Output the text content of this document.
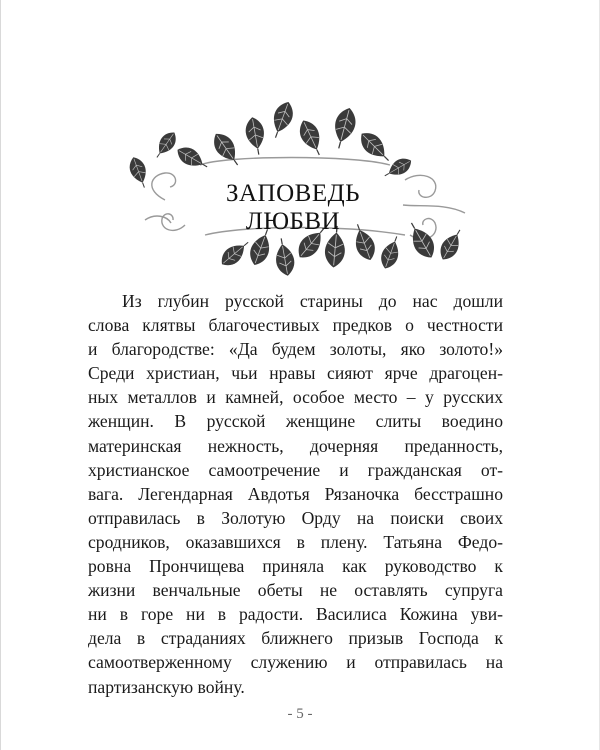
ЗАПОВЕДЬ ЛЮБВИ
Из глубин русской старины до нас дошли
слова клятвы благочестивых предков о честности
и благородстве: «Да будем золоты, яко золото!»
Среди христиан, чьи нравы сияют ярче драгоцен-
ных металлов и камней, особое место – у русских
женщин. В русской женщине слиты воедино
материнская нежность, дочерняя преданность,
христианское самоотречение и гражданская от-
вага. Легендарная Авдотья Рязаночка бесстрашно
отправилась в Золотую Орду на поиски своих
сродников, оказавшихся в плену. Татьяна Федо-
ровна Прончищева приняла как руководство к
жизни венчальные обеты не оставлять супруга
ни в горе ни в радости. Василиса Кожина уви-
дела в страданиях ближнего призыв Господа к
самоотверженному служению и отправилась на
партизанскую войну.
- 5 -
